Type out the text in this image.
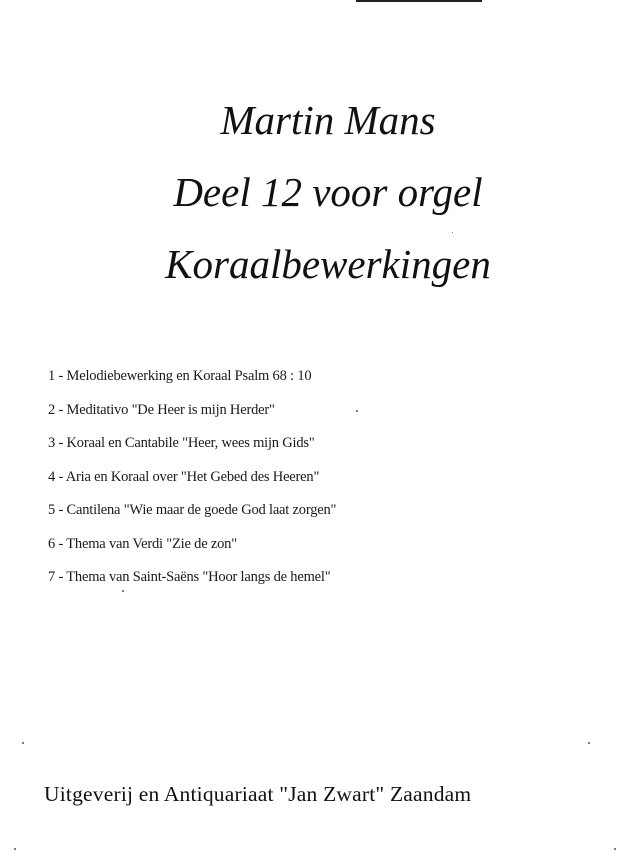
Martin Mans
Deel 12 voor orgel
Koraalbewerkingen
1 - Melodiebewerking en Koraal Psalm 68 : 10
2 - Meditativo "De Heer is mijn Herder"
3 - Koraal en Cantabile "Heer, wees mijn Gids"
4 - Aria en Koraal over "Het Gebed des Heeren"
5 - Cantilena "Wie maar de goede God laat zorgen"
6 - Thema van Verdi "Zie de zon"
7 - Thema van Saint-Saëns "Hoor langs de hemel"
Uitgeverij en Antiquariaat "Jan Zwart" Zaandam
